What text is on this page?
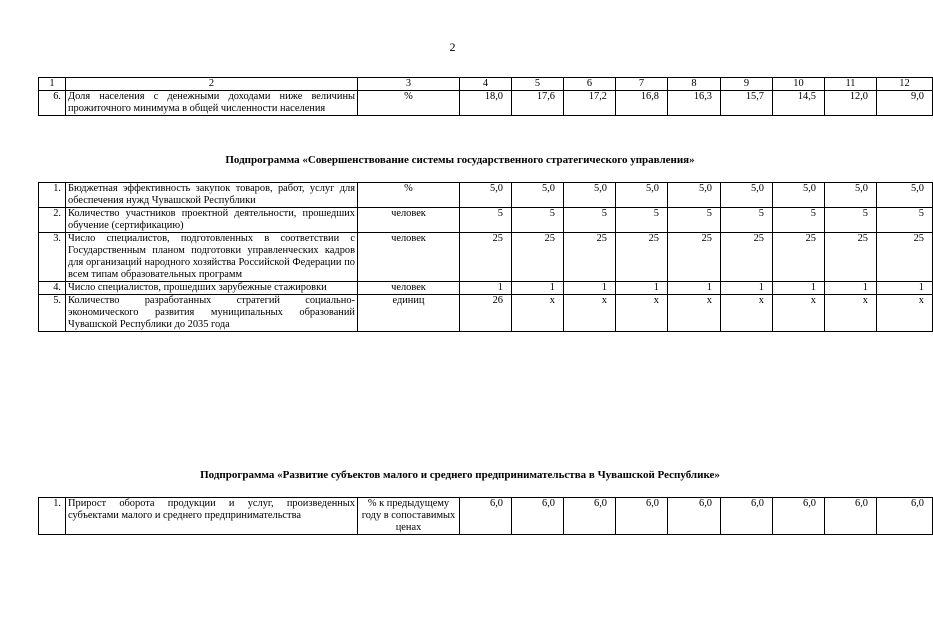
2
1	2	3	4	5	6	7	8	9	10	11	12
6.	Доля населения с денежными доходами ниже величины прожиточного минимума в общей численности населения	%	18,0	17,6	17,2	16,8	16,3	15,7	14,5	12,0	9,0
Подпрограмма «Совершенствование системы государственного стратегического управления»
1.	Бюджетная эффективность закупок товаров, работ, услуг для обеспечения нужд Чувашской Республики	%	5,0	5,0	5,0	5,0	5,0	5,0	5,0	5,0	5,0
2.	Количество участников проектной деятельности, прошедших обучение (сертификацию)	человек	5	5	5	5	5	5	5	5	5
3.	Число специалистов, подготовленных в соответствии с Государственным планом подготовки управленческих кадров для организаций народного хозяйства Российской Федерации по всем типам образовательных программ	человек	25	25	25	25	25	25	25	25	25
4.	Число специалистов, прошедших зарубежные стажировки	человек	1	1	1	1	1	1	1	1	1
5.	Количество разработанных стратегий социально-экономического развития муниципальных образований Чувашской Республики до 2035 года	единиц	26	x	x	x	x	x	x	x	x
Подпрограмма «Развитие субъектов малого и среднего предпринимательства в Чувашской Республике»
1.	Прирост оборота продукции и услуг, произведенных субъектами малого и среднего предпринимательства	% к предыдущему году в сопоставимых ценах	6,0	6,0	6,0	6,0	6,0	6,0	6,0	6,0	6,0
